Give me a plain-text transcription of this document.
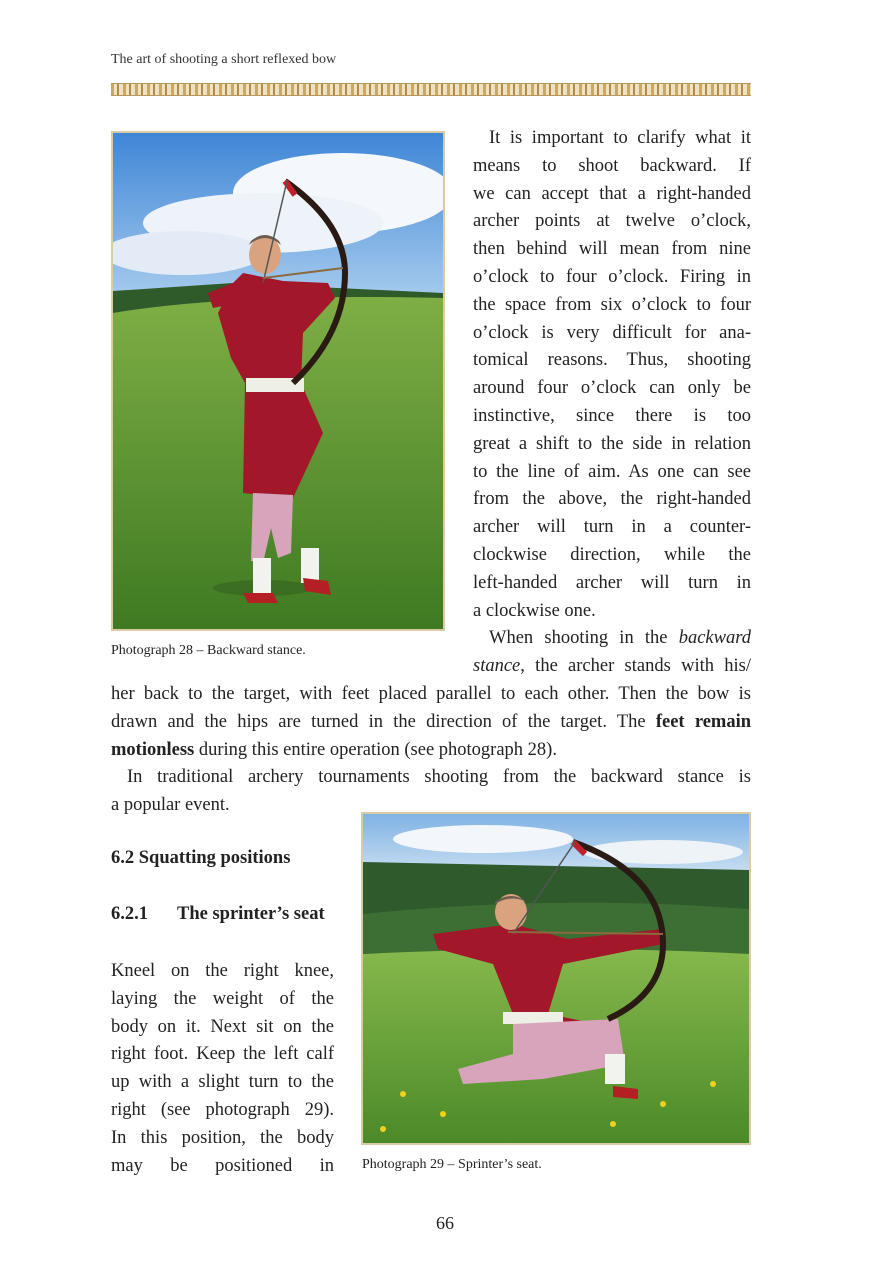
The art of shooting a short reflexed bow
Photograph 28 – Backward stance.
It is important to clarify what it
means to shoot backward. If
we can accept that a right-handed
archer points at twelve o’clock,
then behind will mean from nine
o’clock to four o’clock. Firing in
the space from six o’clock to four
o’clock is very difficult for ana-
tomical reasons. Thus, shooting
around four o’clock can only be
instinctive, since there is too
great a shift to the side in relation
to the line of aim. As one can see
from the above, the right-handed
archer will turn in a counter-
clockwise direction, while the
left-handed archer will turn in
a clockwise one.
When shooting in the backward
stance, the archer stands with his/
her back to the target, with feet placed parallel to each other. Then the bow is
drawn and the hips are turned in the direction of the target. The feet remain
motionless during this entire operation (see photograph 28).
In traditional archery tournaments shooting from the backward stance is
a popular event.
6.2 Squatting positions
6.2.1 The sprinter’s seat
Kneel on the right knee,
laying the weight of the
body on it. Next sit on the
right foot. Keep the left calf
up with a slight turn to the
right (see photograph 29).
In this position, the body
may be positioned in Photograph 29 – Sprinter’s seat.
66
